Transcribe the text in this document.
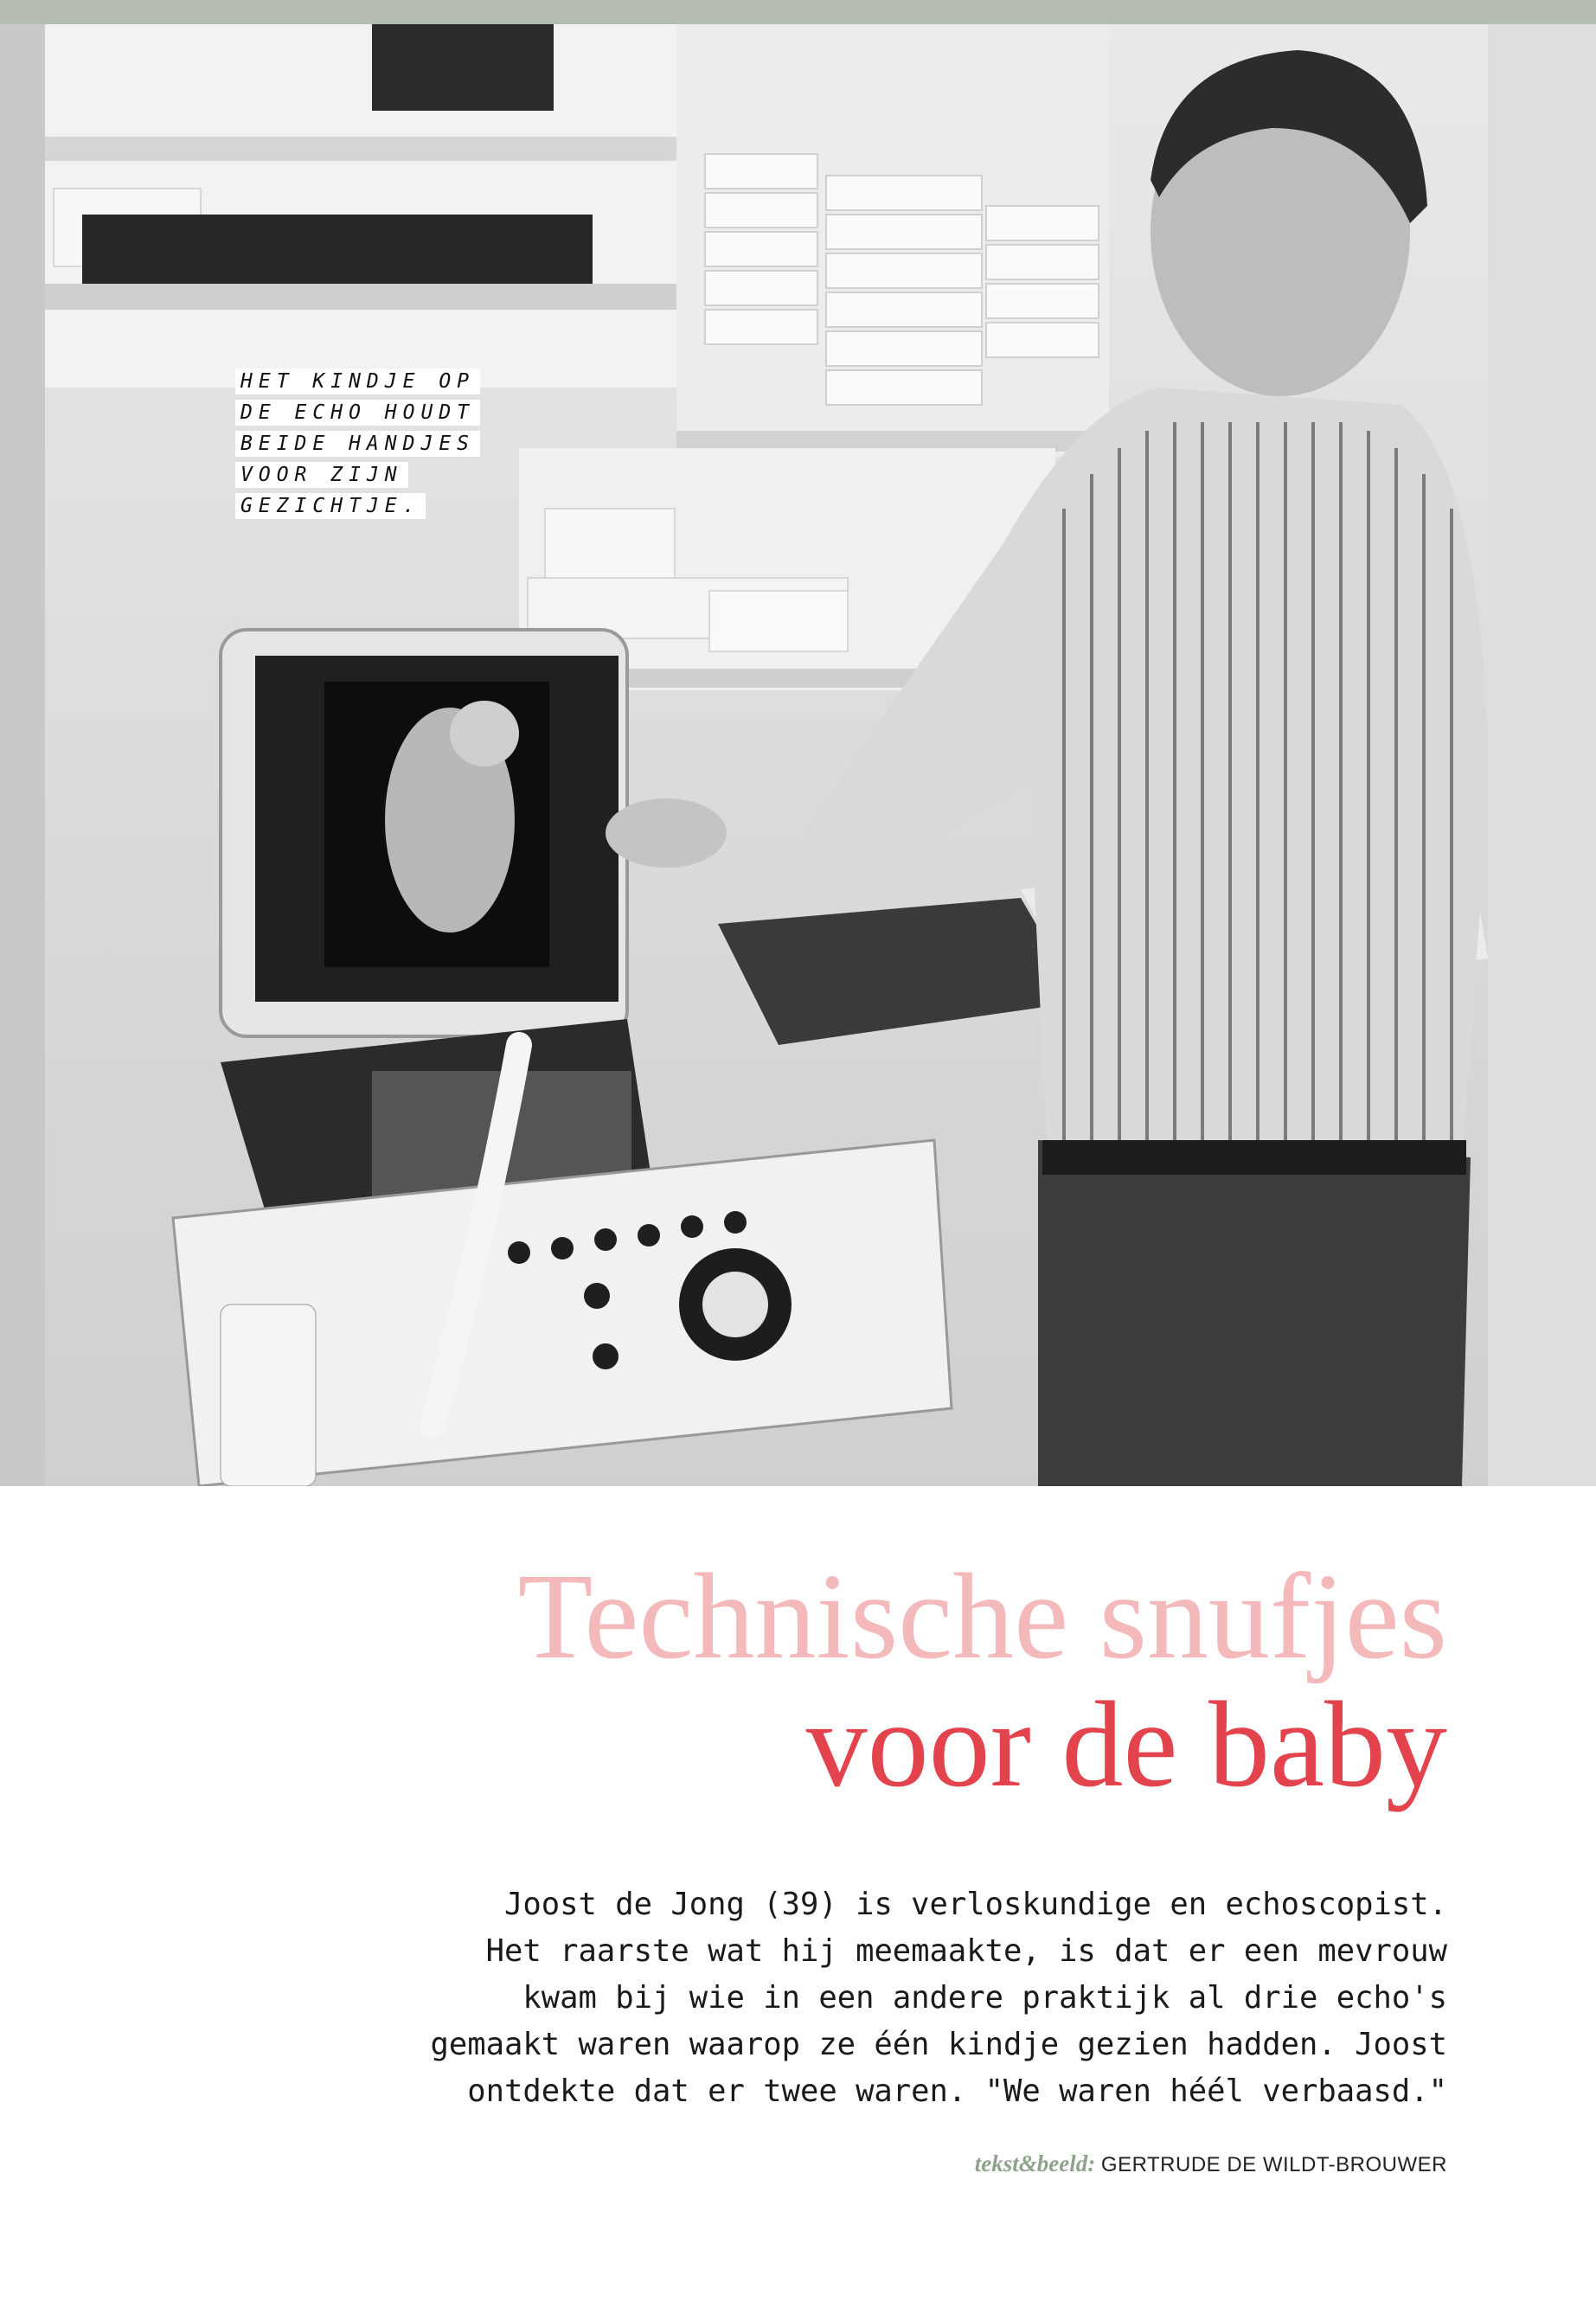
HET KINDJE OP
DE ECHO HOUDT
BEIDE HANDJES
VOOR ZIJN
GEZICHTJE.
Technische snufjes
voor de baby

Joost de Jong (39) is verloskundige en echoscopist.
Het raarste wat hij meemaakte, is dat er een mevrouw
kwam bij wie in een andere praktijk al drie echo's
gemaakt waren waarop ze één kindje gezien hadden. Joost
ontdekte dat er twee waren. "We waren héél verbaasd."

tekst&beeld: GERTRUDE DE WILDT-BROUWER
